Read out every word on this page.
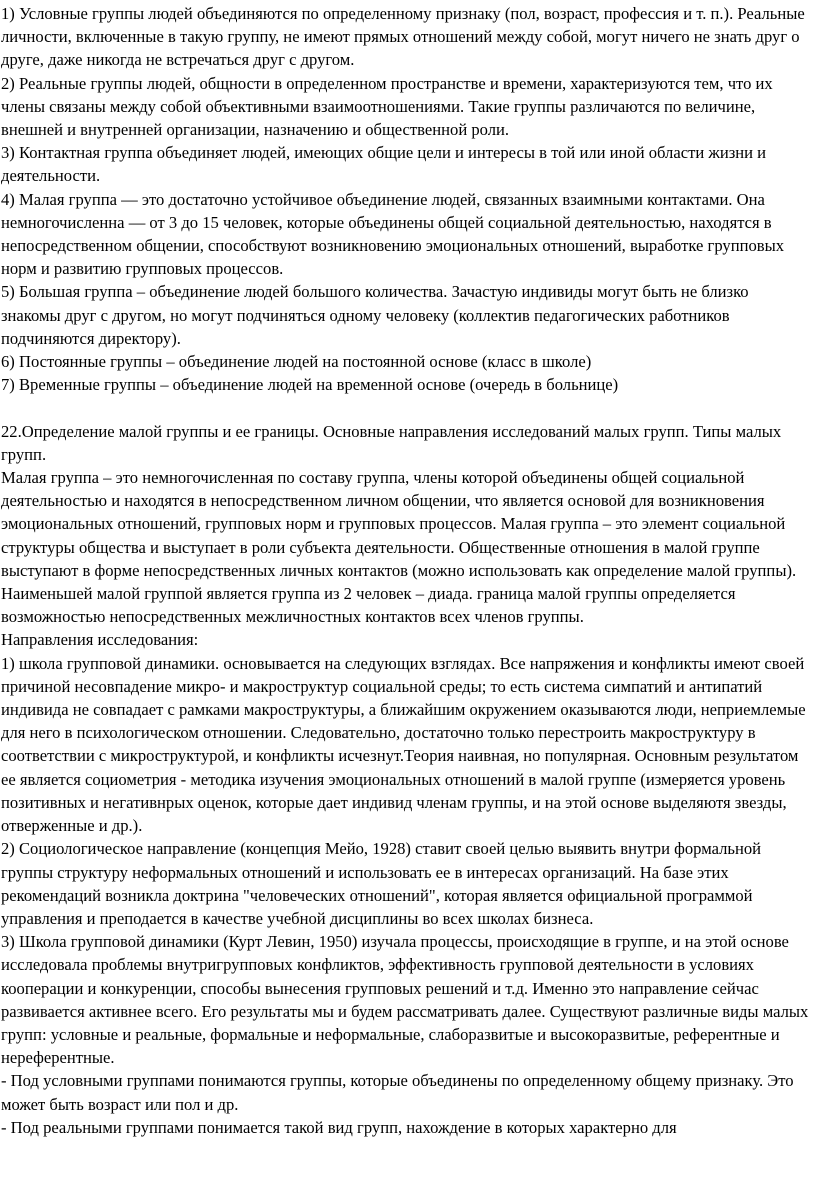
1) Условные группы людей объединяются по определенному признаку (пол, возраст, профессия и т. п.). Реальные личности, включенные в такую группу, не имеют прямых отношений между собой, могут ничего не знать друг о друге, даже никогда не встречаться друг с другом.

2) Реальные группы людей, общности в определенном пространстве и времени, характеризуются тем, что их члены связаны между собой объективными взаимоотношениями. Такие группы различаются по величине, внешней и внутренней организации, назначению и общественной роли.

3) Контактная группа объединяет людей, имеющих общие цели и интересы в той или иной области жизни и деятельности.

4) Малая группа — это достаточно устойчивое объединение людей, связанных взаимными контактами. Она немногочисленна — от 3 до 15 человек, которые объединены общей социальной деятельностью, находятся в непосредственном общении, способствуют возникновению эмоциональных отношений, выработке групповых норм и развитию групповых процессов.

5) Большая группа – объединение людей большого количества. Зачастую индивиды могут быть не близко знакомы друг с другом, но могут подчиняться одному человеку (коллектив педагогических работников подчиняются директору).

6) Постоянные группы – объединение людей на постоянной основе (класс в школе)

7) Временные группы – объединение людей на временной основе (очередь в больнице)

22.Определение малой группы и ее границы. Основные направления исследований малых групп. Типы малых групп.

Малая группа – это немногочисленная по составу группа, члены которой объединены общей социальной деятельностью и находятся в непосредственном личном общении, что является основой для возникновения эмоциональных отношений, групповых норм и групповых процессов. Малая группа – это элемент социальной структуры общества и выступает в роли субъекта деятельности. Общественные отношения в малой группе выступают в форме непосредственных личных контактов (можно использовать как определение малой группы).

Наименьшей малой группой является группа из 2 человек – диада. граница малой группы определяется возможностью непосредственных межличностных контактов всех членов группы.

Направления исследования:

1) школа групповой динамики. основывается на следующих взглядах. Все напряжения и конфликты имеют своей причиной несовпадение микро- и макроструктур социальной среды; то есть система симпатий и антипатий индивида не совпадает с рамками макроструктуры, а ближайшим окружением оказываются люди, неприемлемые для него в психологическом отношении. Следовательно, достаточно только перестроить макроструктуру в соответствии с микроструктурой, и конфликты исчезнут.Теория наивная, но популярная. Основным результатом ее является социометрия - методика изучения эмоциональных отношений в малой группе (измеряется уровень позитивных и негативнрых оценок, которые дает индивид членам группы, и на этой основе выделяютя звезды, отверженные и др.).

2) Социологическое направление (концепция Мейо, 1928) ставит своей целью выявить внутри формальной группы структуру неформальных отношений и использовать ее в интересах организаций. На базе этих рекомендаций возникла доктрина "человеческих отношений", которая является официальной программой управления и преподается в качестве учебной дисциплины во всех школах бизнеса.

3) Школа групповой динамики (Курт Левин, 1950) изучала процессы, происходящие в группе, и на этой основе исследовала проблемы внутригрупповых конфликтов, эффективность групповой деятельности в условиях кооперации и конкуренции, способы вынесения групповых решений и т.д. Именно это направление сейчас развивается активнее всего. Его результаты мы и будем рассматривать далее. Существуют различные виды малых групп: условные и реальные, формальные и неформальные, слаборазвитые и высокоразвитые, референтные и нереферентные.

- Под условными группами понимаются группы, которые объединены по определенному общему признаку. Это может быть возраст или пол и др.

- Под реальными группами понимается такой вид групп, нахождение в которых характерно для
